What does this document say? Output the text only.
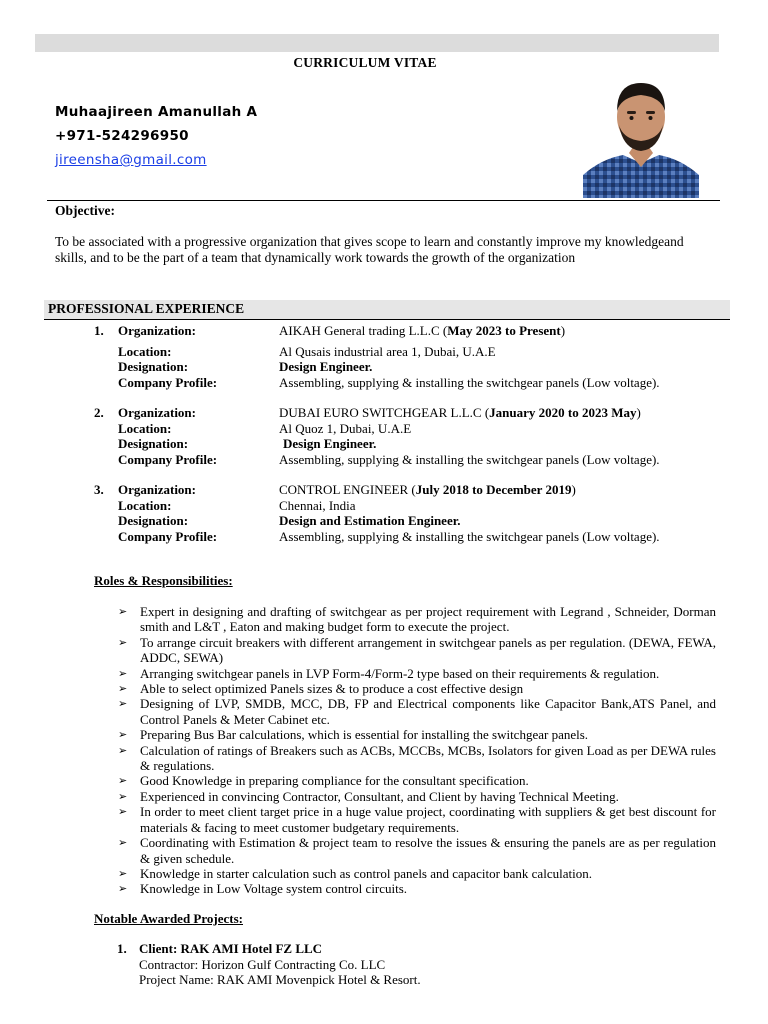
CURRICULUM VITAE
Muhaajireen Amanullah A
+971-524296950
jireensha@gmail.com
Objective:
To be associated with a progressive organization that gives scope to learn and constantly improve my knowledgeand skills, and to be the part of a team that dynamically work towards the growth of the organization
PROFESSIONAL EXPERIENCE
1. Organization:	AIKAH General trading L.L.C (May 2023 to Present)
Location:	Al Qusais industrial area 1, Dubai, U.A.E
Designation:	Design Engineer.
Company Profile:	Assembling, supplying & installing the switchgear panels (Low voltage).
2. Organization:	DUBAI EURO SWITCHGEAR L.L.C (January 2020 to 2023 May)
Location:	Al Quoz 1, Dubai, U.A.E
Designation:	Design Engineer.
Company Profile:	Assembling, supplying & installing the switchgear panels (Low voltage).
3. Organization:	CONTROL ENGINEER (July 2018 to December 2019)
Location:	Chennai, India
Designation:	Design and Estimation Engineer.
Company Profile:	Assembling, supplying & installing the switchgear panels (Low voltage).
Roles & Responsibilities:
➢ Expert in designing and drafting of switchgear as per project requirement with Legrand , Schneider, Dorman smith and L&T , Eaton and making budget form to execute the project.
➢ To arrange circuit breakers with different arrangement in switchgear panels as per regulation. (DEWA, FEWA, ADDC, SEWA)
➢ Arranging switchgear panels in LVP Form-4/Form-2 type based on their requirements & regulation.
➢ Able to select optimized Panels sizes & to produce a cost effective design
➢ Designing of LVP, SMDB, MCC, DB, FP and Electrical components like Capacitor Bank,ATS Panel, and Control Panels & Meter Cabinet etc.
➢ Preparing Bus Bar calculations, which is essential for installing the switchgear panels.
➢ Calculation of ratings of Breakers such as ACBs, MCCBs, MCBs, Isolators for given Load as per DEWA rules & regulations.
➢ Good Knowledge in preparing compliance for the consultant specification.
➢ Experienced in convincing Contractor, Consultant, and Client by having Technical Meeting.
➢ In order to meet client target price in a huge value project, coordinating with suppliers & get best discount for materials & facing to meet customer budgetary requirements.
➢ Coordinating with Estimation & project team to resolve the issues & ensuring the panels are as per regulation & given schedule.
➢ Knowledge in starter calculation such as control panels and capacitor bank calculation.
➢ Knowledge in Low Voltage system control circuits.
Notable Awarded Projects:
1. Client: RAK AMI Hotel FZ LLC
Contractor: Horizon Gulf Contracting Co. LLC
Project Name: RAK AMI Movenpick Hotel & Resort.
